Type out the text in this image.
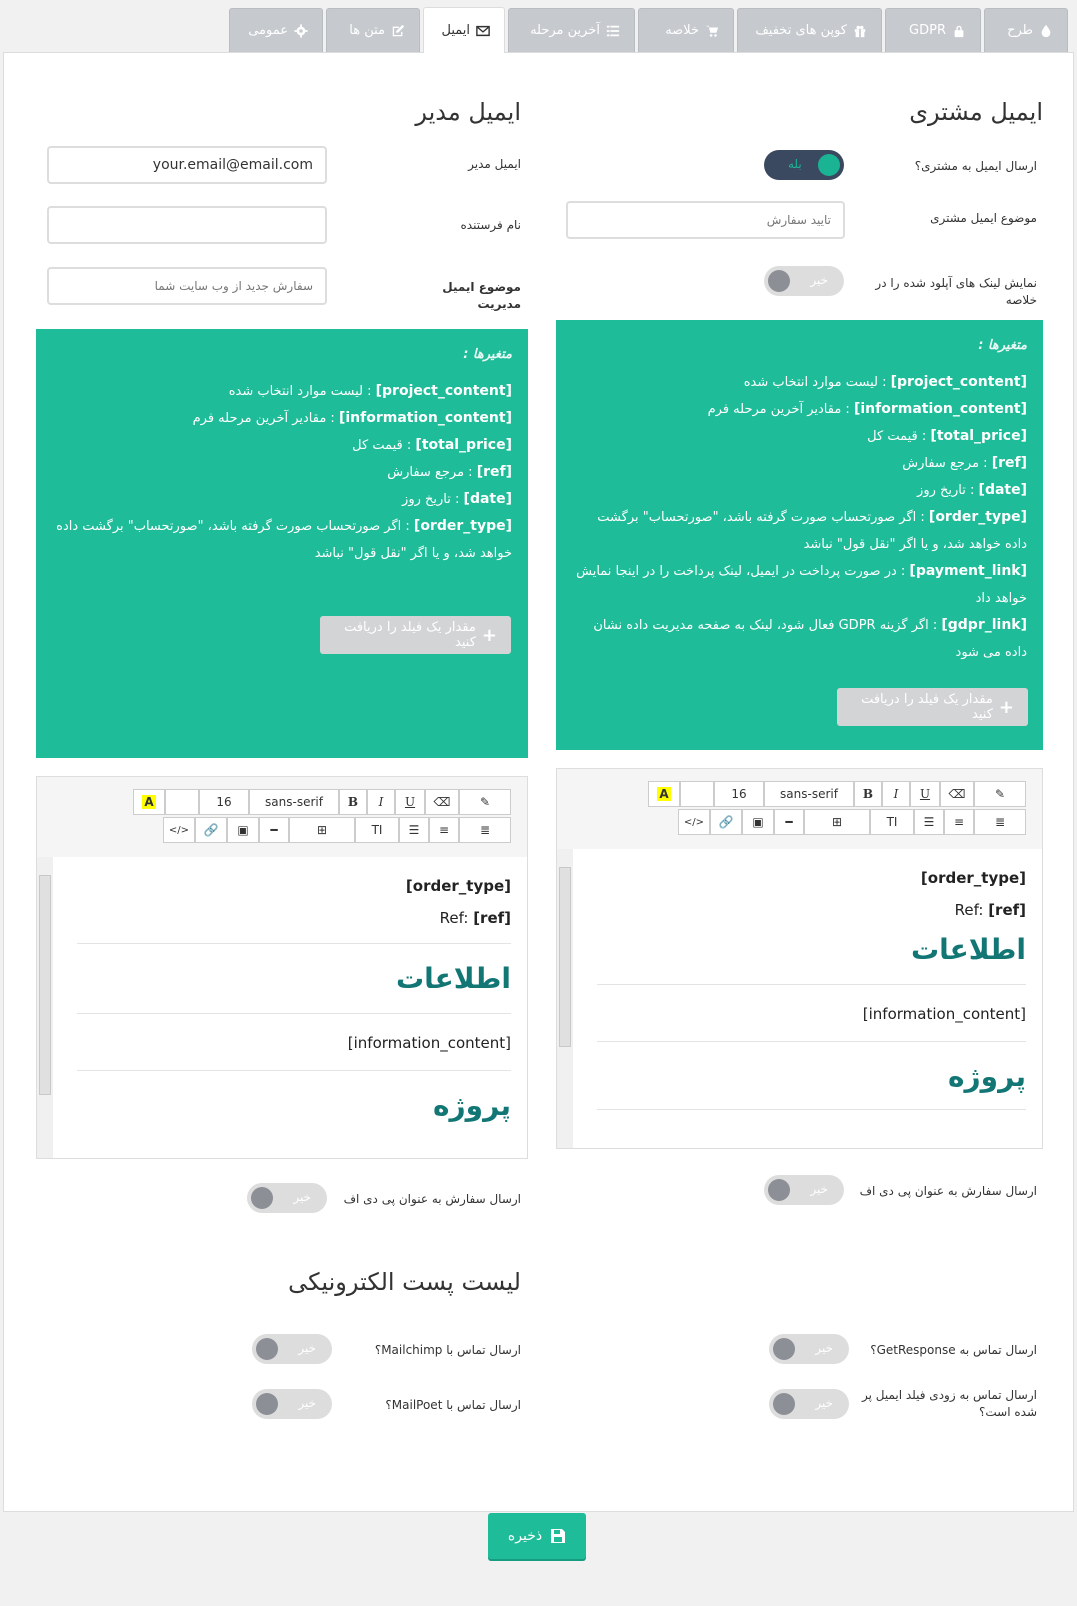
طرح
GDPR
کوپن های تخفیف
خلاصه
آخرین مرحله
ایمیل
متن ها
عمومی
ایمیل مشتری
ارسال ایمیل به مشتری؟
بله
موضوع ایمیل مشتری
تایید سفارش
نمایش لینک های آپلود شده را در خلاصه
خیر
متغیرها :
[project_content] : لیست موارد انتخاب شده
[information_content] : مقادیر آخرین مرحله فرم
[total_price] : قیمت کل
[ref] : مرجع سفارش
[date] : تاریخ روز
[order_type] : اگر صورتحساب صورت گرفته باشد، "صورتحساب" برگشت داده خواهد شد، و یا اگر "نقل قول" نباشد
[payment_link] : در صورت پرداخت در ایمیل، لینک پرداخت را در اینجا نمایش خواهد داد
[gdpr_link] : اگر گزینه GDPR فعال شود، لینک به صفحه مدیریت داده نشان داده می شود
+
مقدار یک فیلد را دریافت کنید
A	16	sans-serif	B	I	U	⌫	✎
</>	🔗	▣	━	⊞	TI	☰	≡	≣
[order_type]
Ref: [ref]
اطلاعات
[information_content]
پروژه
ارسال سفارش به عنوان پی دی اف
خیر
ایمیل مدیر
ایمیل مدیر
your.email@email.com
نام فرستنده
موضوع ایمیل مدیریت
سفارش جدید از وب سایت شما
متغیرها :
[project_content] : لیست موارد انتخاب شده
[information_content] : مقادیر آخرین مرحله فرم
[total_price] : قیمت کل
[ref] : مرجع سفارش
[date] : تاریخ روز
[order_type] : اگر صورتحساب صورت گرفته باشد، "صورتحساب" برگشت داده خواهد شد، و یا اگر "نقل قول" نباشد
+
مقدار یک فیلد را دریافت کنید
A	16	sans-serif	B	I	U	⌫	✎
</>	🔗	▣	━	⊞	TI	☰	≡	≣
[order_type]
Ref: [ref]
اطلاعات
[information_content]
پروژه
ارسال سفارش به عنوان پی دی اف
خیر
لیست پست الکترونیکی
ارسال تماس به GetResponse؟
خیر
ارسال تماس با Mailchimp؟
خیر
ارسال تماس به زودی فیلد ایمیل پر شده است؟
خیر
ارسال تماس با MailPoet؟
خیر
ذخیره
